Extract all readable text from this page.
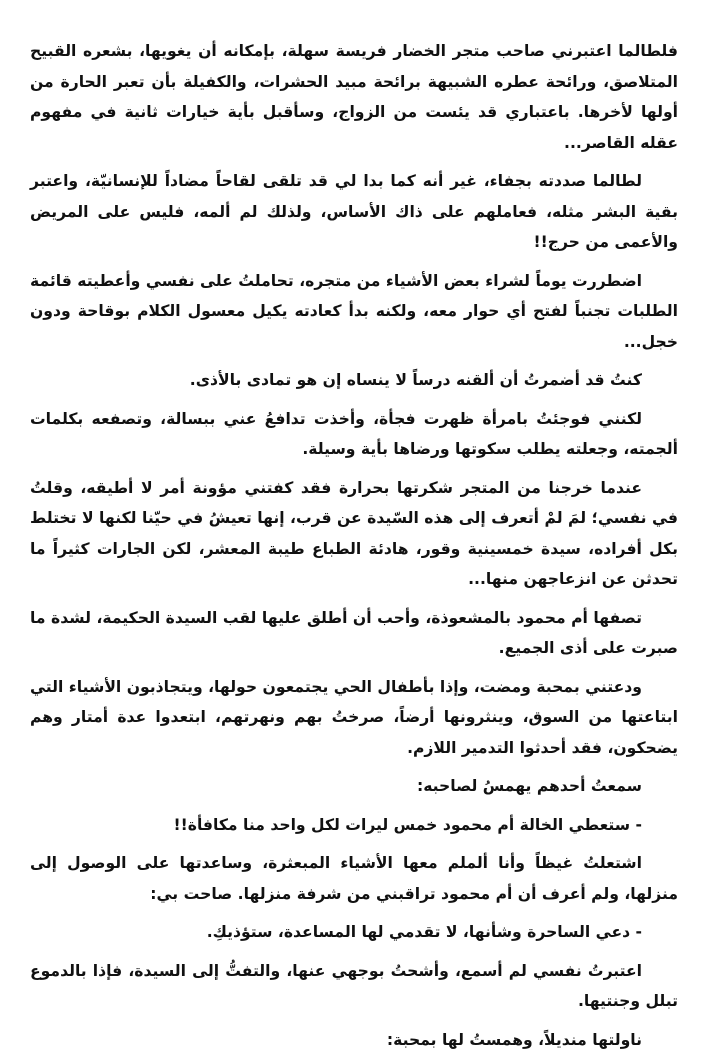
فلطالما اعتبرني صاحب متجر الخضار فريسة سهلة، بإمكانه أن يغويها، بشعره القبيح المتلاصق، ورائحة عطره الشبيهة برائحة مبيد الحشرات، والكفيلة بأن تعبر الحارة من أولها لأخرها. باعتباري قد يئست من الزواج، وسأقبل بأية خيارات ثانية في مفهوم عقله القاصر...

لطالما صددته بجفاء، غير أنه كما بدا لي قد تلقى لقاحاً مضاداً للإنسانيّة، واعتبر بقية البشر مثله، فعاملهم على ذاك الأساس، ولذلك لم ألمه، فليس على المريض والأعمى من حرج!!

اضطررت يوماً لشراء بعض الأشياء من متجره، تحاملتُ على نفسي وأعطيته قائمة الطلبات تجنباً لفتح أي حوار معه، ولكنه بدأ كعادته يكيل معسول الكلام بوقاحة ودون خجل...

كنتُ قد أضمرتُ أن ألقنه درساً لا ينساه إن هو تمادى بالأذى.

لكنني فوجئتُ بامرأة ظهرت فجأة، وأخذت تدافعُ عني ببسالة، وتصفعه بكلمات ألجمته، وجعلته يطلب سكوتها ورضاها بأية وسيلة.

عندما خرجنا من المتجر شكرتها بحرارة فقد كفتني مؤونة أمر لا أطيقه، وقلتُ في نفسي؛ لمَ لمْ أتعرف إلى هذه السّيدة عن قرب، إنها تعيشُ في حيّنا لكنها لا تختلط بكل أفراده، سيدة خمسينية وقور، هادئة الطباع طيبة المعشر، لكن الجارات كثيراً ما تحدثن عن انزعاجهن منها...

تصفها أم محمود بالمشعوذة، وأحب أن أطلق عليها لقب السيدة الحكيمة، لشدة ما صبرت على أذى الجميع.

ودعتني بمحبة ومضت، وإذا بأطفال الحي يجتمعون حولها، ويتجاذبون الأشياء التي ابتاعتها من السوق، وينثرونها أرضاً، صرختُ بهم ونهرتهم، ابتعدوا عدة أمتار وهم يضحكون، فقد أحدثوا التدمير اللازم.

سمعتُ أحدهم يهمسُ لصاحبه:

- ستعطي الخالة أم محمود خمس ليرات لكل واحد منا مكافأة!!

اشتعلتُ غيظاً وأنا ألملم معها الأشياء المبعثرة، وساعدتها على الوصول إلى منزلها، ولم أعرف أن أم محمود تراقبني من شرفة منزلها. صاحت بي:

- دعي الساحرة وشأنها، لا تقدمي لها المساعدة، ستؤذيكِ.

اعتبرتُ نفسي لم أسمع، وأشحتُ بوجهي عنها، والتفتُّ إلى السيدة، فإذا بالدموع تبلل وجنتيها.

ناولتها منديلاً، وهمستُ لها بمحبة:
